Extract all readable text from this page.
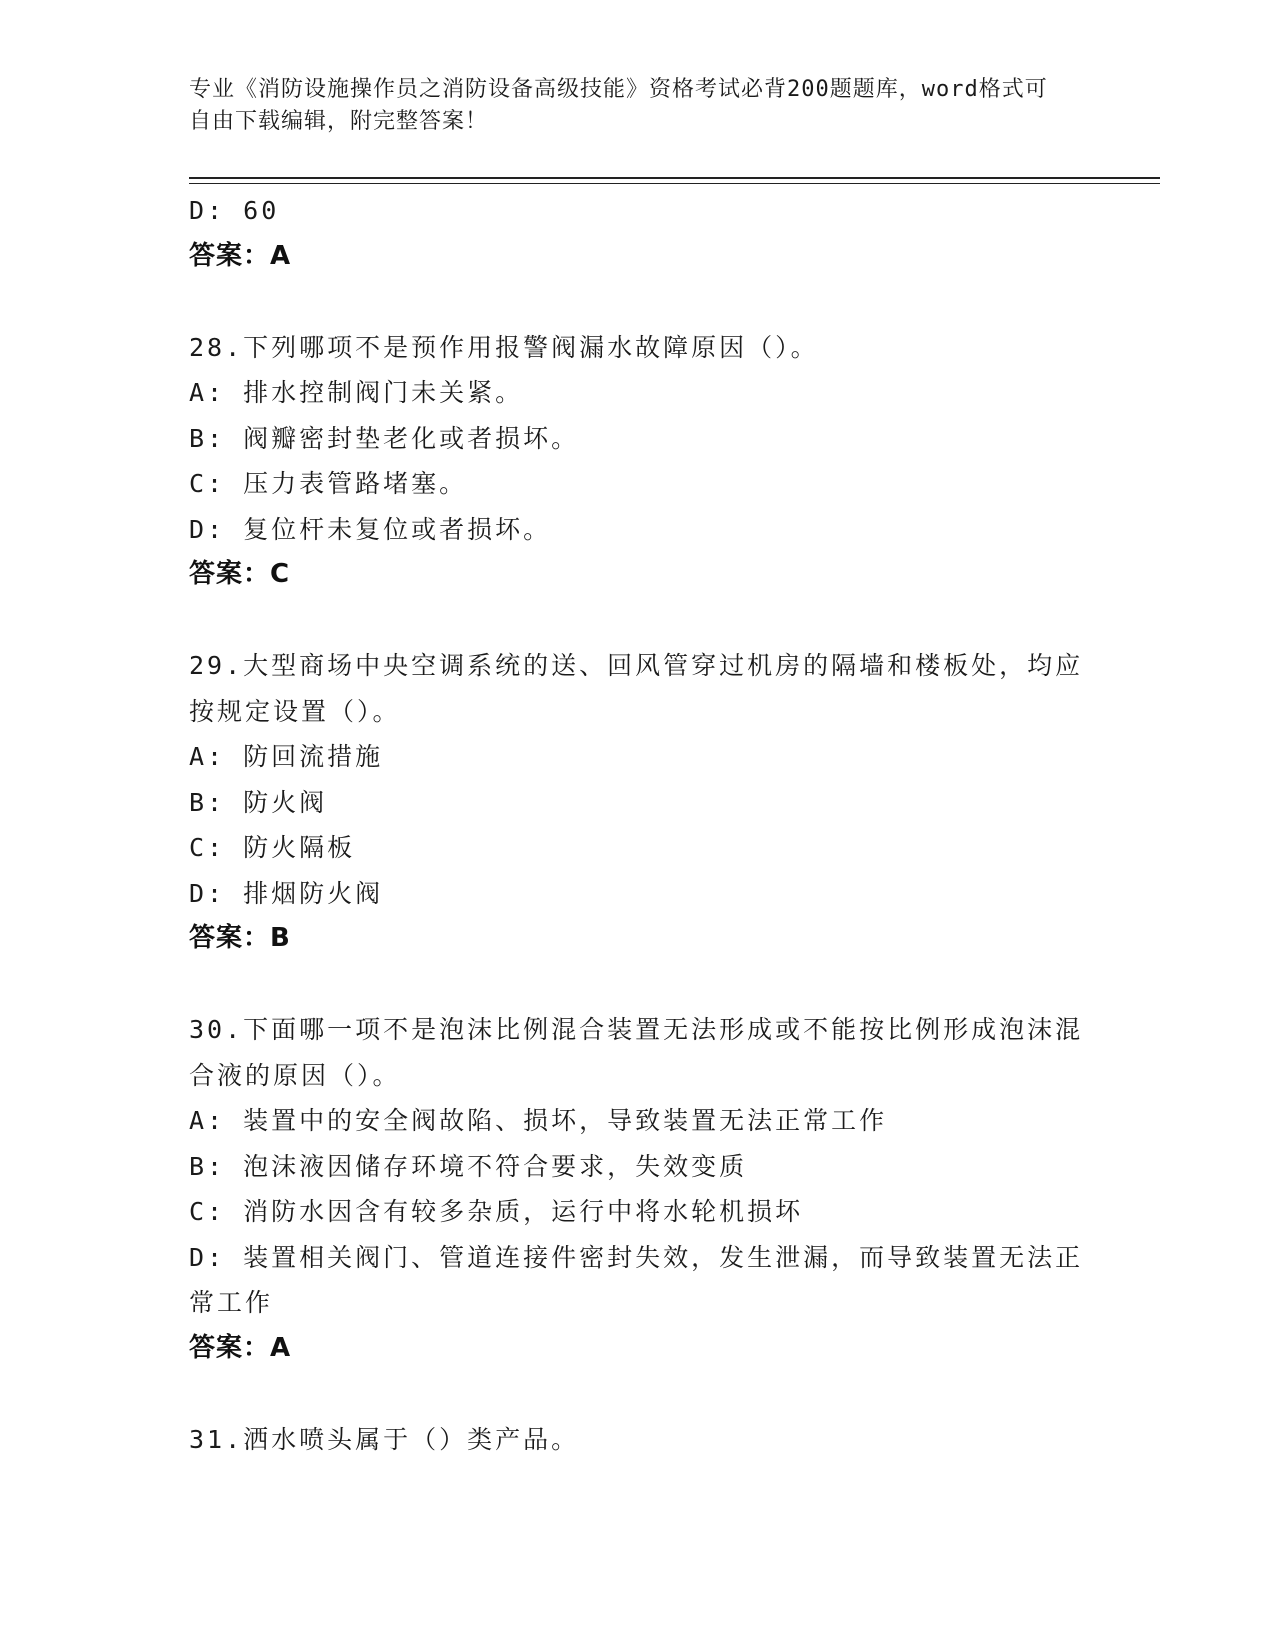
专业《消防设施操作员之消防设备高级技能》资格考试必背200题题库，word格式可自由下载编辑，附完整答案！
D: 60
答案：A
28.下列哪项不是预作用报警阀漏水故障原因（）。
A: 排水控制阀门未关紧。
B: 阀瓣密封垫老化或者损坏。
C: 压力表管路堵塞。
D: 复位杆未复位或者损坏。
答案：C
29.大型商场中央空调系统的送、回风管穿过机房的隔墙和楼板处，均应按规定设置（）。
A: 防回流措施
B: 防火阀
C: 防火隔板
D: 排烟防火阀
答案：B
30.下面哪一项不是泡沫比例混合装置无法形成或不能按比例形成泡沫混合液的原因（）。
A: 装置中的安全阀故陷、损坏，导致装置无法正常工作
B: 泡沫液因储存环境不符合要求，失效变质
C: 消防水因含有较多杂质，运行中将水轮机损坏
D: 装置相关阀门、管道连接件密封失效，发生泄漏，而导致装置无法正常工作
答案：A
31.洒水喷头属于（）类产品。
